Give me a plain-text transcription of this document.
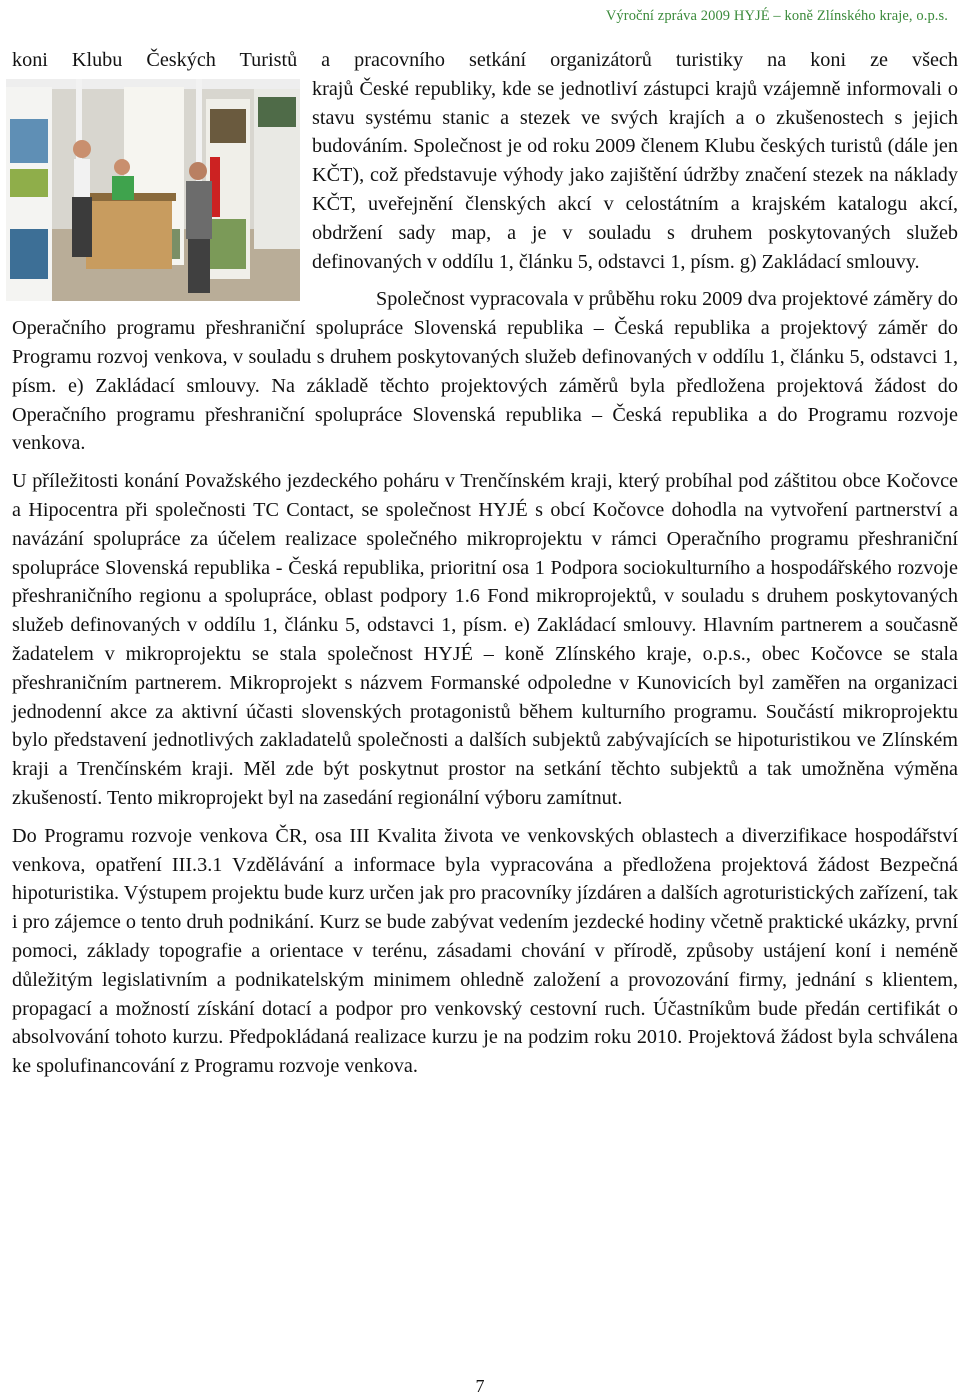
Výroční zpráva 2009 HYJÉ – koně Zlínského kraje, o.p.s.

koni Klubu Českých Turistů a pracovního setkání organizátorů turistiky na koni ze všech

krajů České republiky, kde se jednotliví zástupci krajů vzájemně informovali o stavu systému stanic a stezek ve svých krajích a o zkušenostech s jejich budováním. Společnost je od roku 2009 členem Klubu českých turistů (dále jen KČT), což představuje výhody jako zajištění údržby značení stezek na náklady KČT, uveřejnění členských akcí v celostátním a krajském katalogu akcí, obdržení sady map, a je v souladu s druhem poskytovaných služeb definovaných v oddílu 1, článku 5, odstavci 1, písm. g) Zakládací smlouvy.

Společnost vypracovala v průběhu roku 2009 dva projektové záměry do Operačního programu přeshraniční spolupráce Slovenská republika – Česká republika a projektový záměr do Programu rozvoj venkova, v souladu s druhem poskytovaných služeb definovaných v oddílu 1, článku 5, odstavci 1, písm. e) Zakládací smlouvy. Na základě těchto projektových záměrů byla předložena projektová žádost do Operačního programu přeshraniční spolupráce Slovenská republika – Česká republika a do Programu rozvoje venkova.

U příležitosti konání Považského jezdeckého poháru v Trenčínském kraji, který probíhal pod záštitou obce Kočovce a Hipocentra při společnosti TC Contact, se společnost HYJÉ s obcí Kočovce dohodla na vytvoření partnerství a navázání spolupráce za účelem realizace společného mikroprojektu v rámci Operačního programu přeshraniční spolupráce Slovenská republika - Česká republika, prioritní osa 1 Podpora sociokulturního a hospodářského rozvoje přeshraničního regionu a spolupráce, oblast podpory 1.6 Fond mikroprojektů, v souladu s druhem poskytovaných služeb definovaných v oddílu 1, článku 5, odstavci 1, písm. e) Zakládací smlouvy. Hlavním partnerem a současně žadatelem v mikroprojektu se stala společnost HYJÉ – koně Zlínského kraje, o.p.s., obec Kočovce se stala přeshraničním partnerem. Mikroprojekt s názvem Formanské odpoledne v Kunovicích byl zaměřen na organizaci jednodenní akce za aktivní účasti slovenských protagonistů během kulturního programu. Součástí mikroprojektu bylo představení jednotlivých zakladatelů společnosti a dalších subjektů zabývajících se hipoturistikou ve Zlínském kraji a Trenčínském kraji. Měl zde být poskytnut prostor na setkání těchto subjektů a tak umožněna výměna zkušeností. Tento mikroprojekt byl na zasedání regionální výboru zamítnut.

Do Programu rozvoje venkova ČR, osa III Kvalita života ve venkovských oblastech a diverzifikace hospodářství venkova, opatření III.3.1 Vzdělávání a informace byla vypracována a předložena projektová žádost Bezpečná hipoturistika. Výstupem projektu bude kurz určen jak pro pracovníky jízdáren a dalších agroturistických zařízení, tak i pro zájemce o tento druh podnikání. Kurz se bude zabývat vedením jezdecké hodiny včetně praktické ukázky, první pomoci, základy topografie a orientace v terénu, zásadami chování v přírodě, způsoby ustájení koní i neméně důležitým legislativním a podnikatelským minimem ohledně založení a provozování firmy, jednání s klientem, propagací a možností získání dotací a podpor pro venkovský cestovní ruch. Účastníkům bude předán certifikát o absolvování tohoto kurzu. Předpokládaná realizace kurzu je na podzim roku 2010. Projektová žádost byla schválena ke spolufinancování z Programu rozvoje venkova.

7
